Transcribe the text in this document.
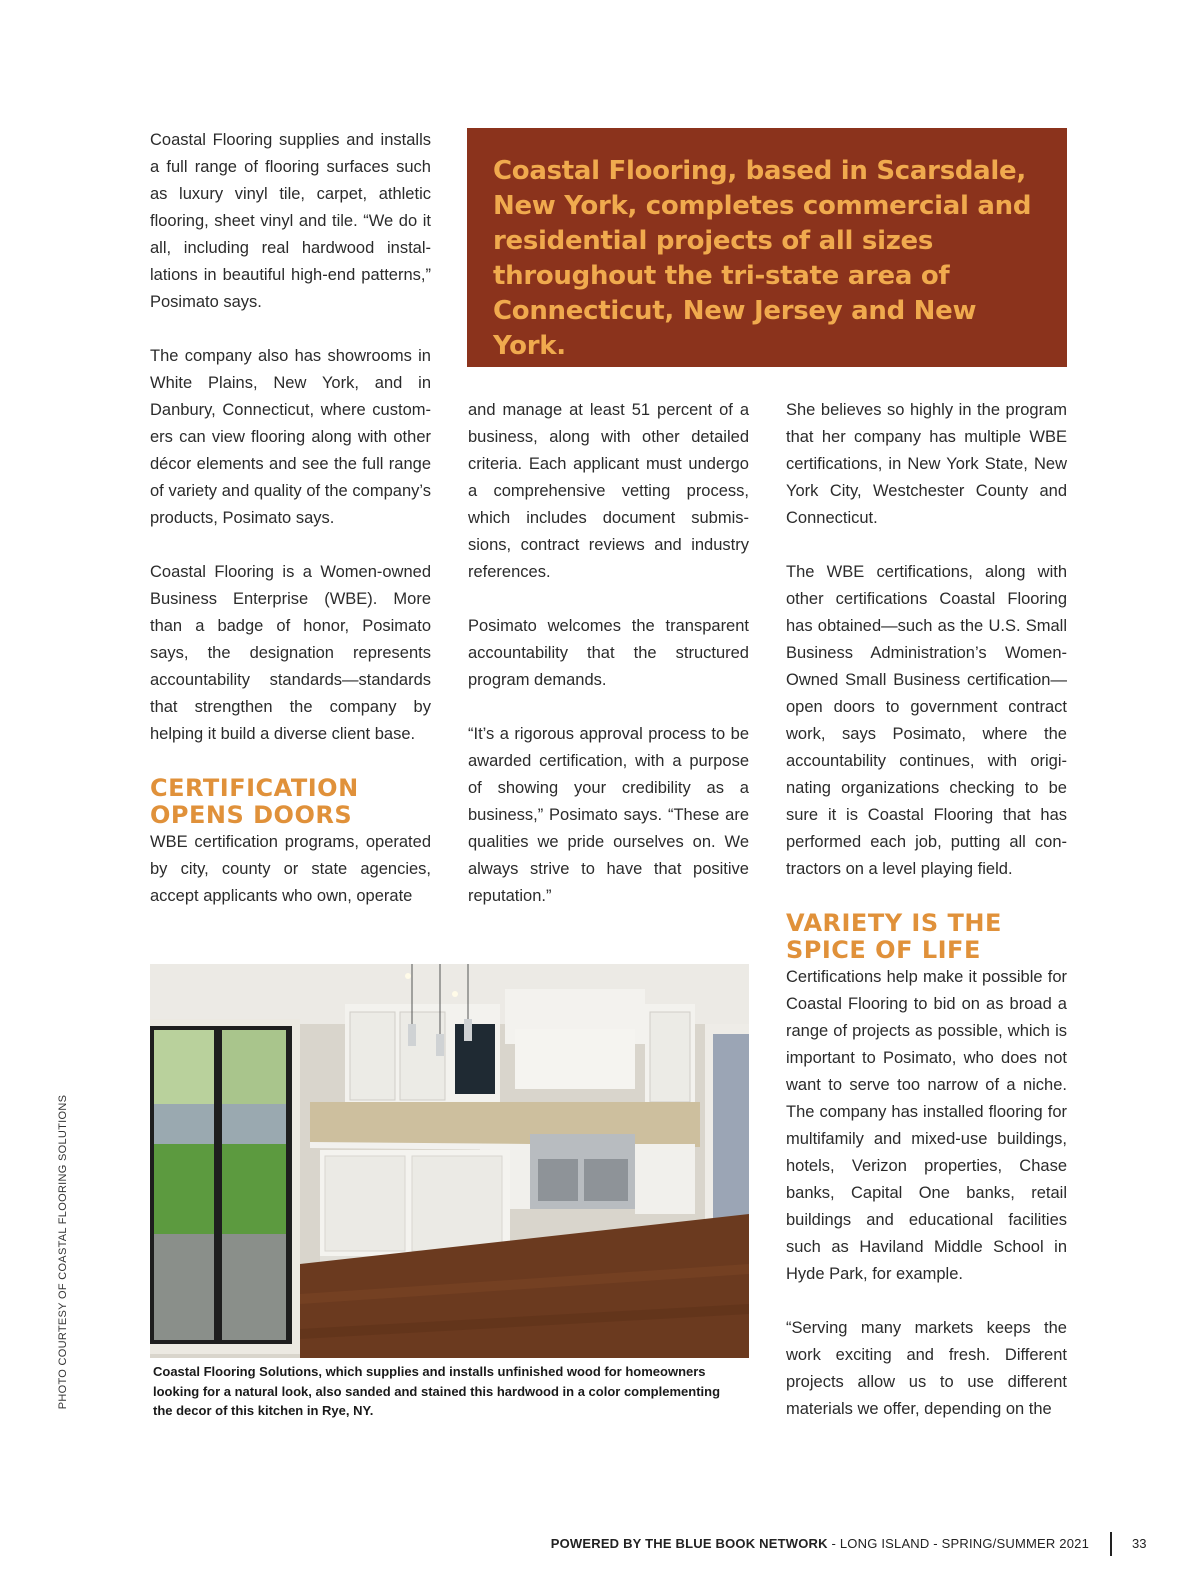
Coastal Flooring supplies and installs a full range of flooring surfaces such as luxury vinyl tile, carpet, athletic flooring, sheet vinyl and tile. “We do it all, including real hardwood installations in beautiful high-end patterns,” Posimato says.

The company also has showrooms in White Plains, New York, and in Danbury, Connecticut, where customers can view flooring along with other décor elements and see the full range of variety and quality of the company’s products, Posimato says.

Coastal Flooring is a Women-owned Business Enterprise (WBE). More than a badge of honor, Posimato says, the designation represents accountability standards—standards that strengthen the company by helping it build a diverse client base.

CERTIFICATION OPENS DOORS

WBE certification programs, operated by city, county or state agencies, accept applicants who own, operate

Coastal Flooring, based in Scarsdale, New York, completes commercial and residential projects of all sizes throughout the tri-state area of Connecticut, New Jersey and New York.

and manage at least 51 percent of a business, along with other detailed criteria. Each applicant must undergo a comprehensive vetting process, which includes document submissions, contract reviews and industry references.

Posimato welcomes the transparent accountability that the structured program demands.

“It’s a rigorous approval process to be awarded certification, with a purpose of showing your credibility as a business,” Posimato says. “These are qualities we pride ourselves on. We always strive to have that positive reputation.”

She believes so highly in the program that her company has multiple WBE certifications, in New York State, New York City, Westchester County and Connecticut.

The WBE certifications, along with other certifications Coastal Flooring has obtained—such as the U.S. Small Business Administration’s Women-Owned Small Business certification—open doors to government contract work, says Posimato, where the accountability continues, with originating organizations checking to be sure it is Coastal Flooring that has performed each job, putting all contractors on a level playing field.

VARIETY IS THE SPICE OF LIFE

Certifications help make it possible for Coastal Flooring to bid on as broad a range of projects as possible, which is important to Posimato, who does not want to serve too narrow of a niche. The company has installed flooring for multifamily and mixed-use buildings, hotels, Verizon properties, Chase banks, Capital One banks, retail buildings and educational facilities such as Haviland Middle School in Hyde Park, for example.

“Serving many markets keeps the work exciting and fresh. Different projects allow us to use different materials we offer, depending on the

Coastal Flooring Solutions, which supplies and installs unfinished wood for homeowners looking for a natural look, also sanded and stained this hardwood in a color complementing the decor of this kitchen in Rye, NY.
PHOTO COURTESY OF COASTAL FLOORING SOLUTIONS
POWERED BY THE BLUE BOOK NETWORK - LONG ISLAND - SPRING/SUMMER 2021	33
